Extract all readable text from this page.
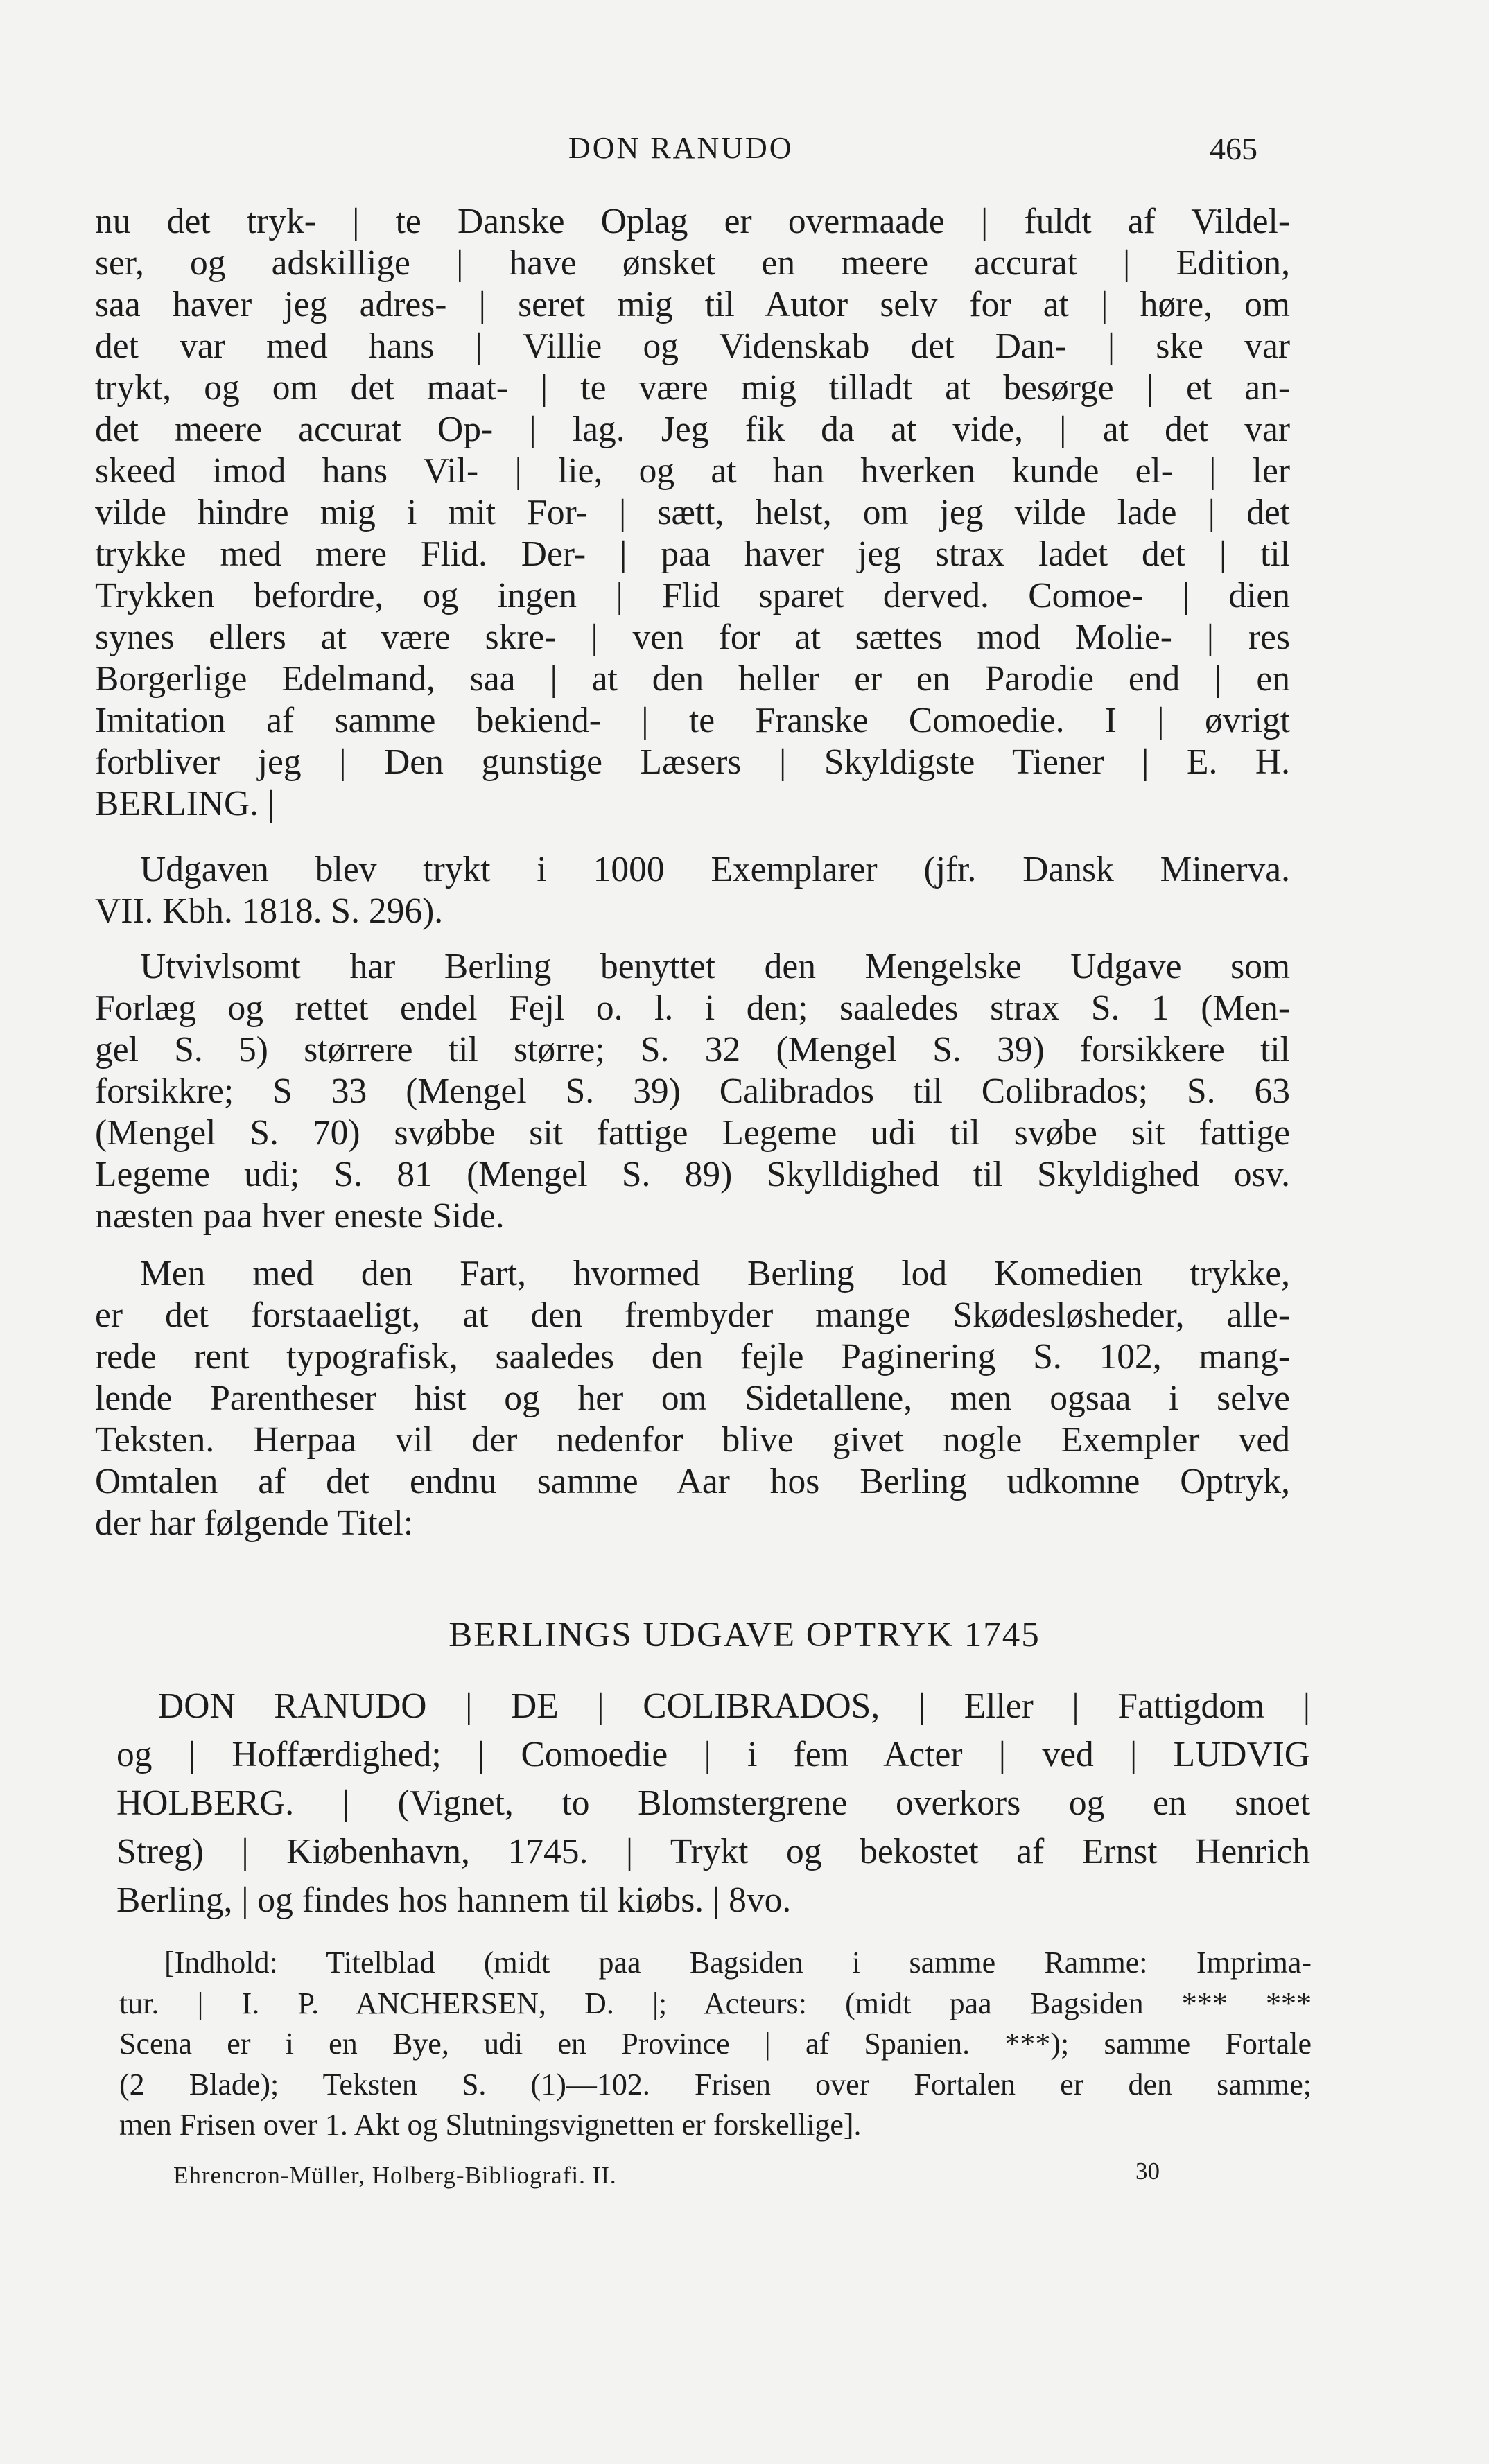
DON RANUDO	465
nu det tryk- | te Danske Oplag er overmaade | fuldt af Vildel-
ser, og adskillige | have ønsket en meere accurat | Edition,
saa haver jeg adres- | seret mig til Autor selv for at | høre, om
det var med hans | Villie og Videnskab det Dan- | ske var
trykt, og om det maat- | te være mig tilladt at besørge | et an-
det meere accurat Op- | lag. Jeg fik da at vide, | at det var
skeed imod hans Vil- | lie, og at han hverken kunde el- | ler
vilde hindre mig i mit For- | sætt, helst, om jeg vilde lade | det
trykke med mere Flid. Der- | paa haver jeg strax ladet det | til
Trykken befordre, og ingen | Flid sparet derved. Comoe- | dien
synes ellers at være skre- | ven for at sættes mod Molie- | res
Borgerlige Edelmand, saa | at den heller er en Parodie end | en
Imitation af samme bekiend- | te Franske Comoedie. I | øvrigt
forbliver jeg | Den gunstige Læsers | Skyldigste Tiener | E. H.
BERLING. |
Udgaven blev trykt i 1000 Exemplarer (jfr. Dansk Minerva.
VII. Kbh. 1818. S. 296).
Utvivlsomt har Berling benyttet den Mengelske Udgave som
Forlæg og rettet endel Fejl o. l. i den; saaledes strax S. 1 (Men-
gel S. 5) størrere til større; S. 32 (Mengel S. 39) forsikkere til
forsikkre; S 33 (Mengel S. 39) Calibrados til Colibrados; S. 63
(Mengel S. 70) svøbbe sit fattige Legeme udi til svøbe sit fattige
Legeme udi; S. 81 (Mengel S. 89) Skylldighed til Skyldighed osv.
næsten paa hver eneste Side.
Men med den Fart, hvormed Berling lod Komedien trykke,
er det forstaaeligt, at den frembyder mange Skødesløsheder, alle-
rede rent typografisk, saaledes den fejle Paginering S. 102, mang-
lende Parentheser hist og her om Sidetallene, men ogsaa i selve
Teksten. Herpaa vil der nedenfor blive givet nogle Exempler ved
Omtalen af det endnu samme Aar hos Berling udkomne Optryk,
der har følgende Titel:
BERLINGS UDGAVE OPTRYK 1745
DON RANUDO | DE | COLIBRADOS, | Eller | Fattigdom |
og | Hoffærdighed; | Comoedie | i fem Acter | ved | LUDVIG
HOLBERG. | (Vignet, to Blomstergrene overkors og en snoet
Streg) | Kiøbenhavn, 1745. | Trykt og bekostet af Ernst Henrich
Berling, | og findes hos hannem til kiøbs. | 8vo.
[Indhold: Titelblad (midt paa Bagsiden i samme Ramme: Imprima-
tur. | I. P. ANCHERSEN, D. |; Acteurs: (midt paa Bagsiden *** ***
Scena er i en Bye, udi en Province | af Spanien. ***); samme Fortale
(2 Blade); Teksten S. (1)—102. Frisen over Fortalen er den samme;
men Frisen over 1. Akt og Slutningsvignetten er forskellige].
Ehrencron-Müller, Holberg-Bibliografi. II.	30
